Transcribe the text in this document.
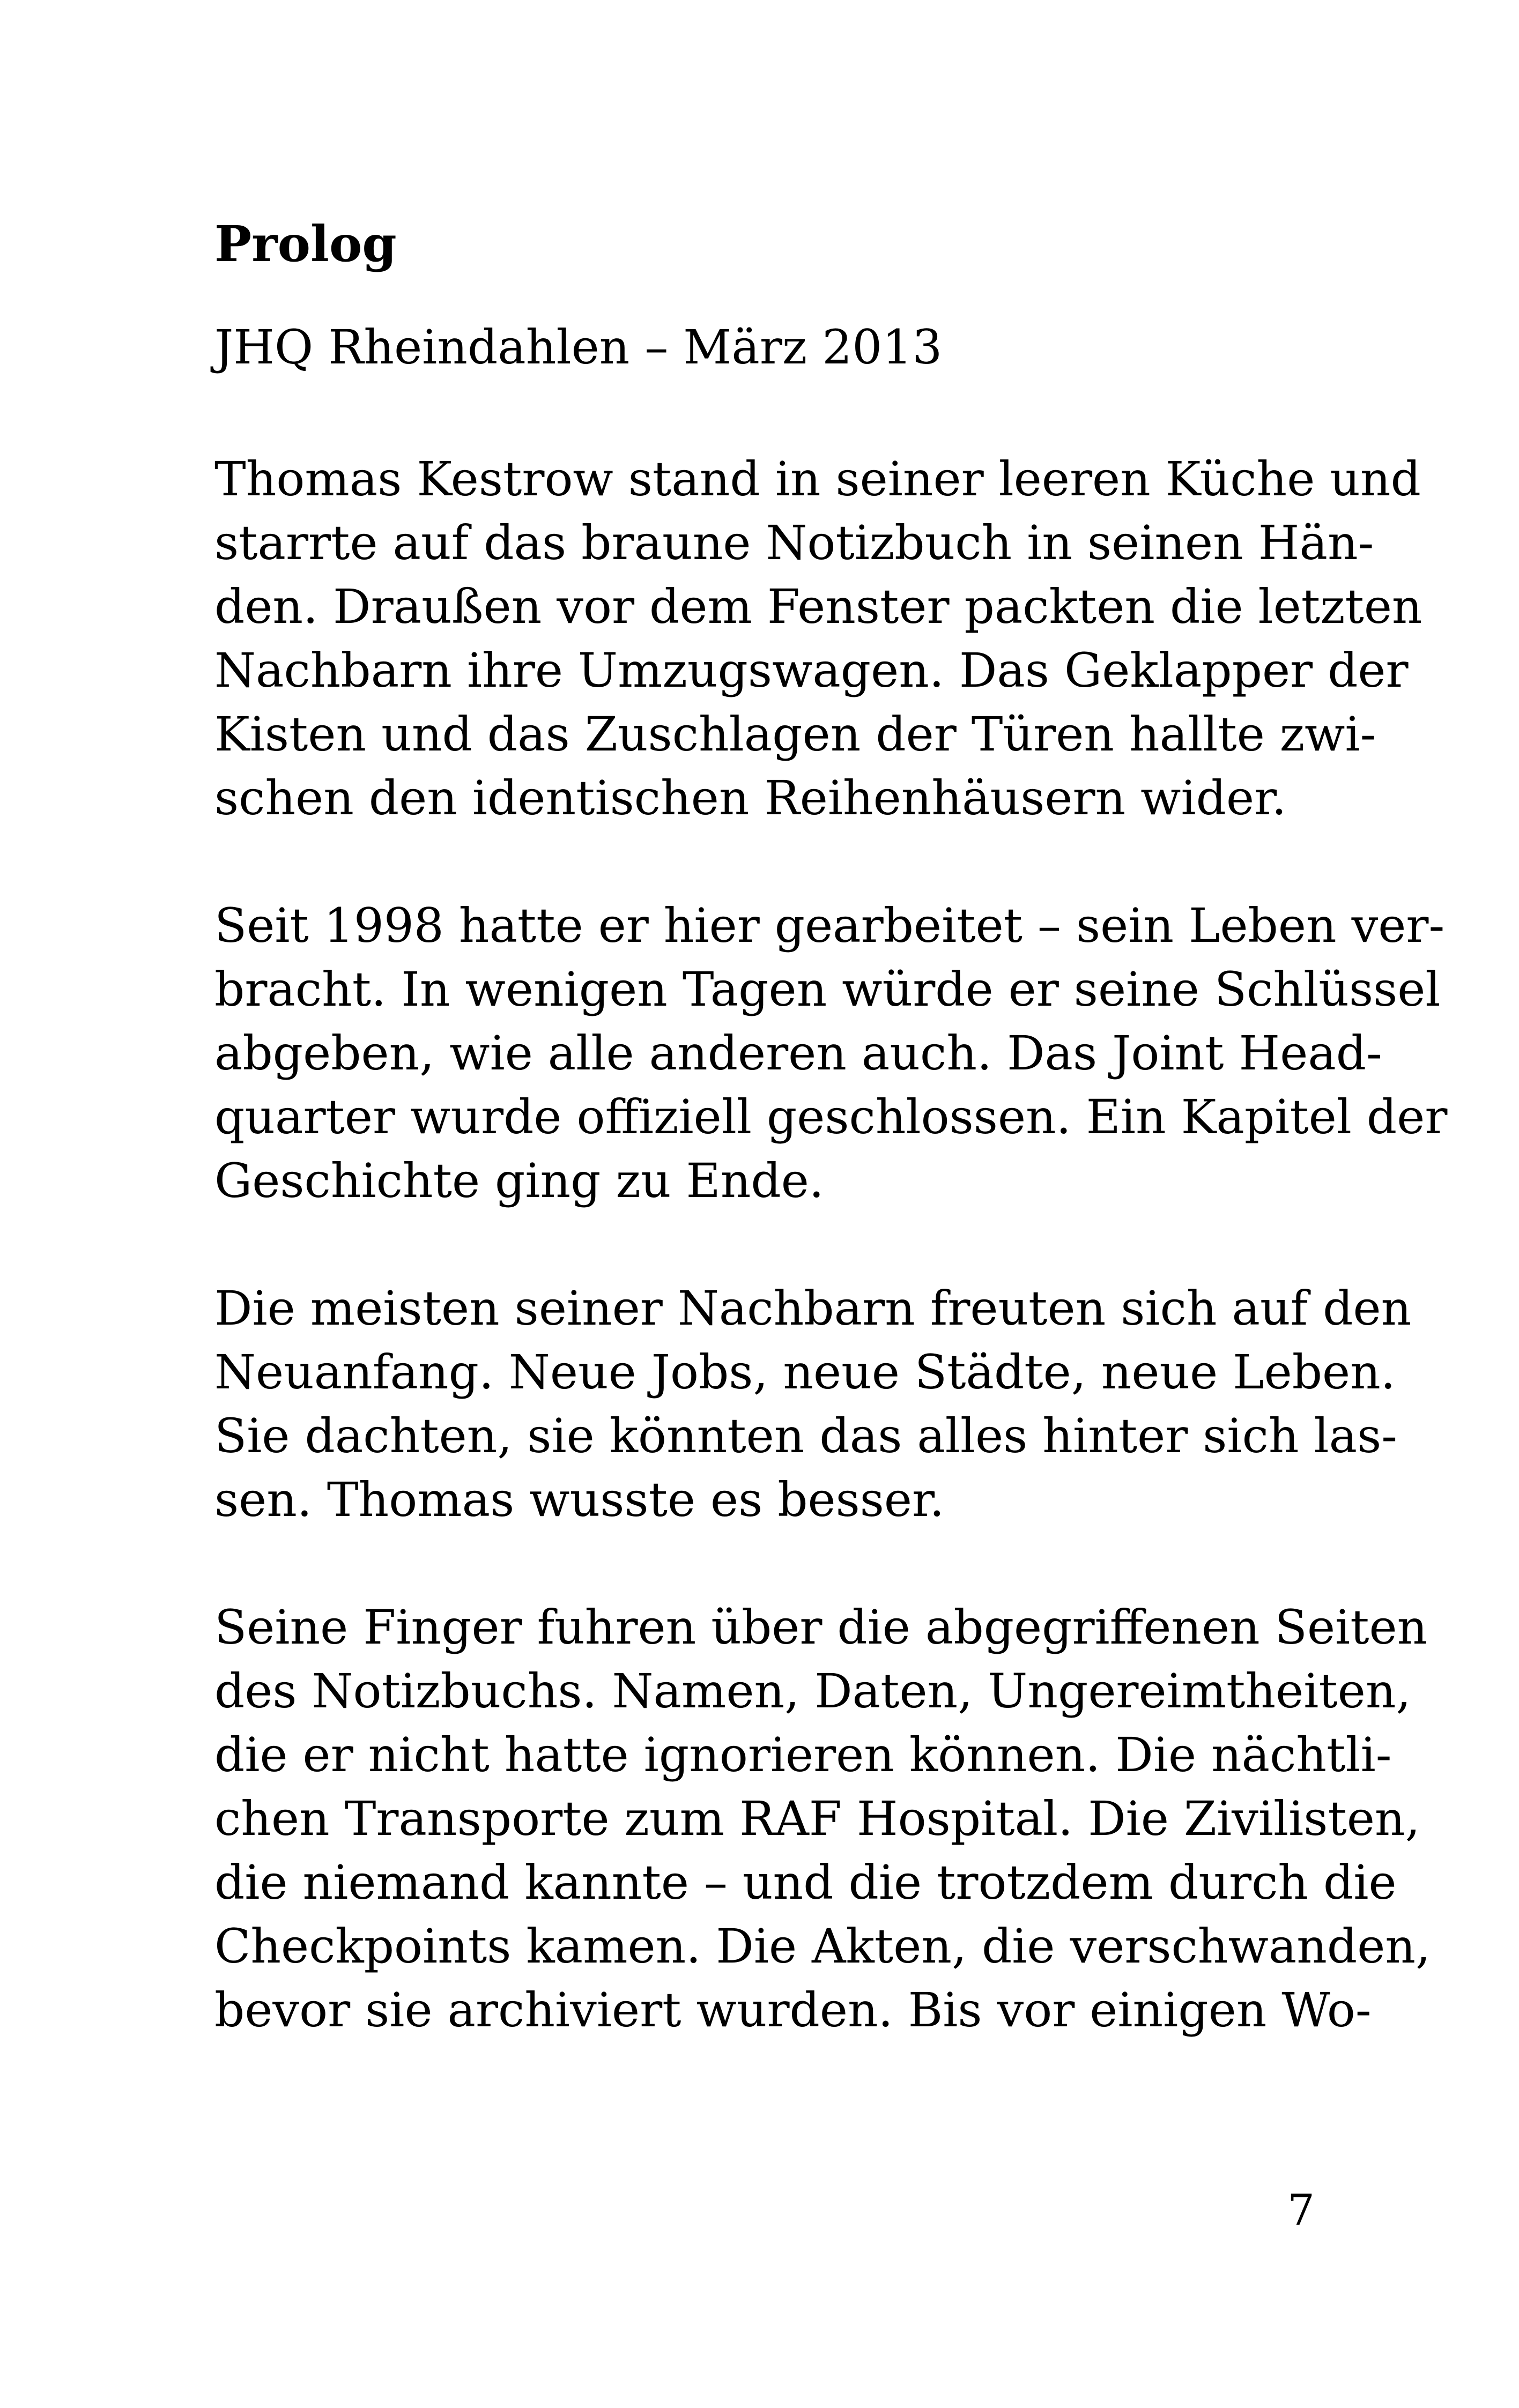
Prolog
JHQ Rheindahlen – März 2013
Thomas Kestrow stand in seiner leeren Küche und
starrte auf das braune Notizbuch in seinen Hän-
den. Draußen vor dem Fenster packten die letzten
Nachbarn ihre Umzugswagen. Das Geklapper der
Kisten und das Zuschlagen der Türen hallte zwi-
schen den identischen Reihenhäusern wider.
Seit 1998 hatte er hier gearbeitet – sein Leben ver-
bracht. In wenigen Tagen würde er seine Schlüssel
abgeben, wie alle anderen auch. Das Joint Head-
quarter wurde offiziell geschlossen. Ein Kapitel der
Geschichte ging zu Ende.
Die meisten seiner Nachbarn freuten sich auf den
Neuanfang. Neue Jobs, neue Städte, neue Leben.
Sie dachten, sie könnten das alles hinter sich las-
sen. Thomas wusste es besser.
Seine Finger fuhren über die abgegriffenen Seiten
des Notizbuchs. Namen, Daten, Ungereimtheiten,
die er nicht hatte ignorieren können. Die nächtli-
chen Transporte zum RAF Hospital. Die Zivilisten,
die niemand kannte – und die trotzdem durch die
Checkpoints kamen. Die Akten, die verschwanden,
bevor sie archiviert wurden. Bis vor einigen Wo-
7
